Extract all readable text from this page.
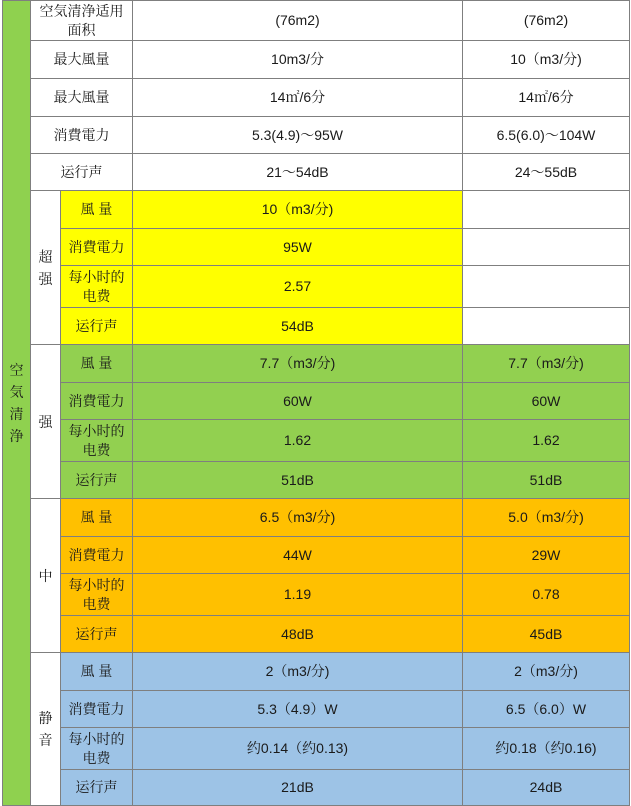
空気清浄	空気清浄适用面积		(76m2)	(76m2)
	最大風量		10m3/分	10（m3/分)
	最大風量		14㎡/6分	14㎡/6分
	消費電力		5.3(4.9)～95W	6.5(6.0)～104W
	运行声		21～54dB	24～55dB
	超强	風 量	10（m3/分)	
		消費電力	95W	
		每小时的电费	2.57	
		运行声	54dB	
	强	風 量	7.7（m3/分)	7.7（m3/分)
		消費電力	60W	60W
		每小时的电费	1.62	1.62
		运行声	51dB	51dB
	中	風 量	6.5（m3/分)	5.0（m3/分)
		消費電力	44W	29W
		每小时的电费	1.19	0.78
		运行声	48dB	45dB
	静音	風 量	2（m3/分)	2（m3/分)
		消費電力	5.3（4.9）W	6.5（6.0）W
		每小时的电费	约0.14（约0.13)	约0.18（约0.16)
		运行声	21dB	24dB
